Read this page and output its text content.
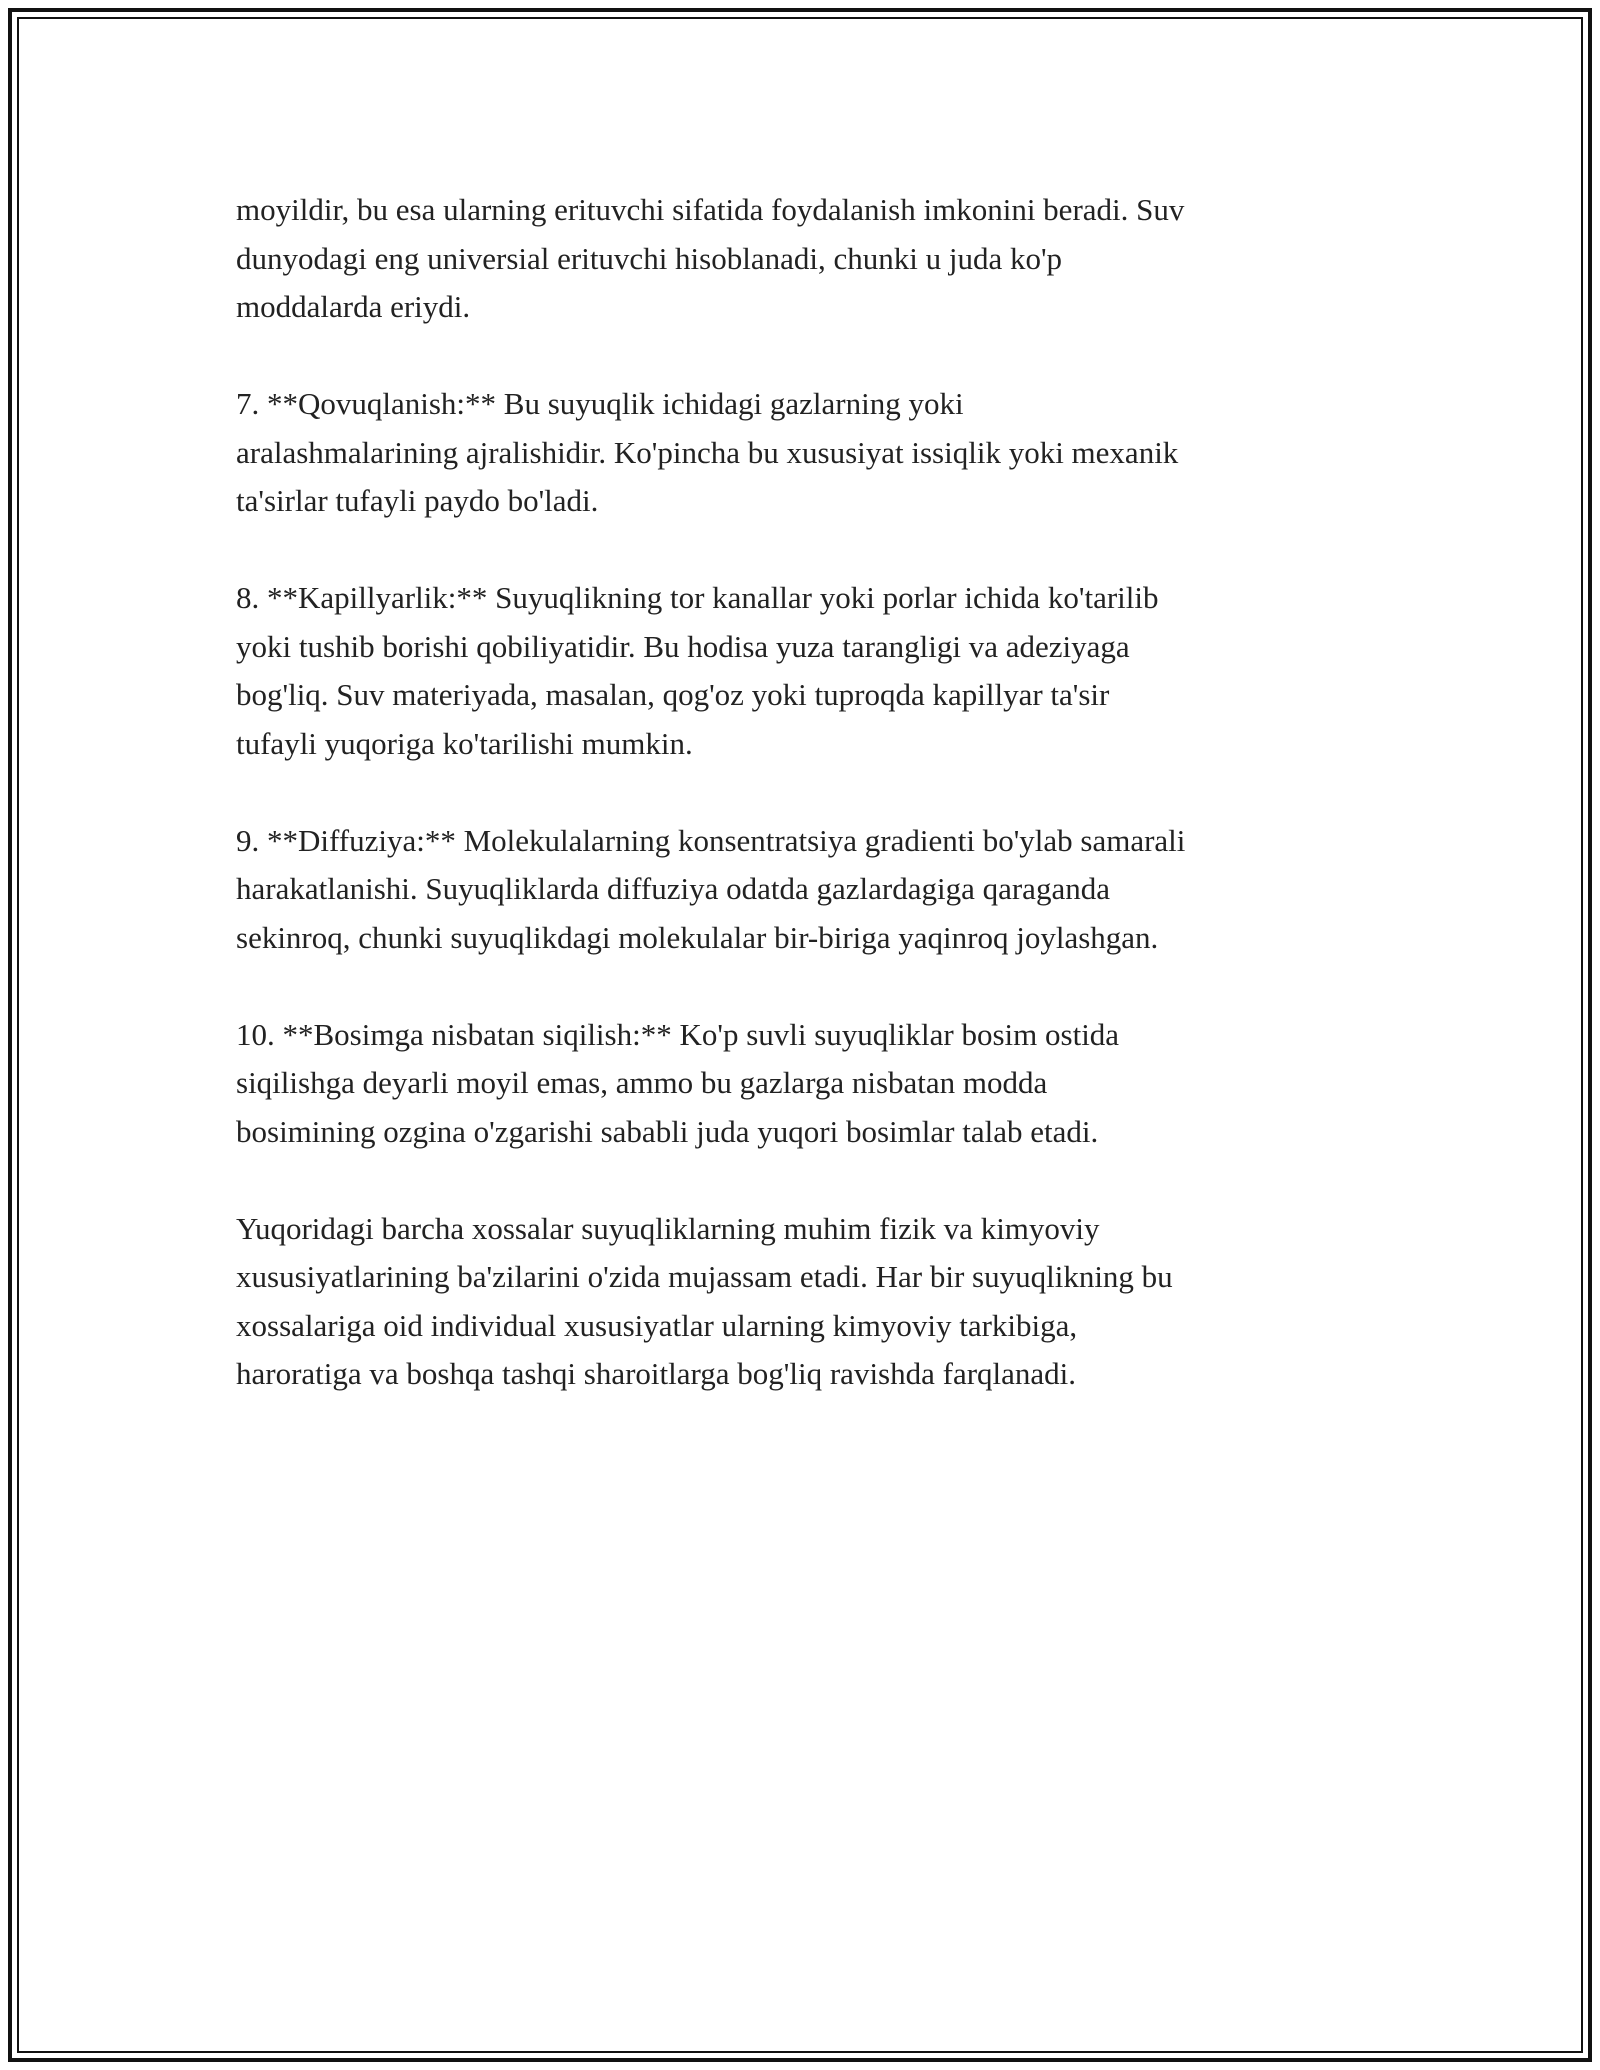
moyildir, bu esa ularning erituvchi sifatida foydalanish imkonini beradi. Suv
dunyodagi eng universial erituvchi hisoblanadi, chunki u juda ko'p
moddalarda eriydi.

7. **Qovuqlanish:** Bu suyuqlik ichidagi gazlarning yoki
aralashmalarining ajralishidir. Ko'pincha bu xususiyat issiqlik yoki mexanik
ta'sirlar tufayli paydo bo'ladi.

8. **Kapillyarlik:** Suyuqlikning tor kanallar yoki porlar ichida ko'tarilib
yoki tushib borishi qobiliyatidir. Bu hodisa yuza tarangligi va adeziyaga
bog'liq. Suv materiyada, masalan, qog'oz yoki tuproqda kapillyar ta'sir
tufayli yuqoriga ko'tarilishi mumkin.

9. **Diffuziya:** Molekulalarning konsentratsiya gradienti bo'ylab samarali
harakatlanishi. Suyuqliklarda diffuziya odatda gazlardagiga qaraganda
sekinroq, chunki suyuqlikdagi molekulalar bir-biriga yaqinroq joylashgan.

10. **Bosimga nisbatan siqilish:** Ko'p suvli suyuqliklar bosim ostida
siqilishga deyarli moyil emas, ammo bu gazlarga nisbatan modda
bosimining ozgina o'zgarishi sababli juda yuqori bosimlar talab etadi.

Yuqoridagi barcha xossalar suyuqliklarning muhim fizik va kimyoviy
xususiyatlarining ba'zilarini o'zida mujassam etadi. Har bir suyuqlikning bu
xossalariga oid individual xususiyatlar ularning kimyoviy tarkibiga,
haroratiga va boshqa tashqi sharoitlarga bog'liq ravishda farqlanadi.
